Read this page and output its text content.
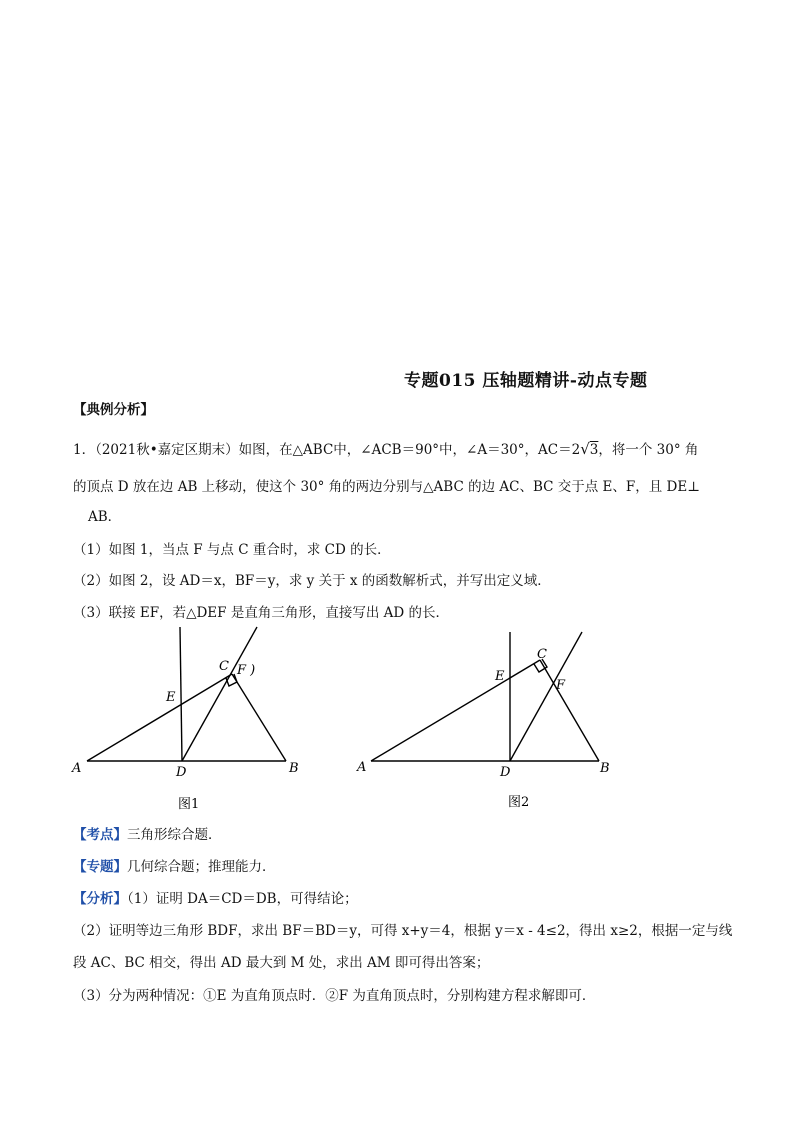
专题015 压轴题精讲-动点专题
【典例分析】
1．（2021秋•嘉定区期末）如图，在△ABC中，∠ACB＝90°中，∠A＝30°，AC＝2√3，将一个 30° 角
的顶点 D 放在边 AB 上移动，使这个 30° 角的两边分别与△ABC 的边 AC、BC 交于点 E、F，且 DE⊥
AB．
（1）如图 1，当点 F 与点 C 重合时，求 CD 的长．
（2）如图 2，设 AD＝x，BF＝y，求 y 关于 x 的函数解析式，并写出定义域．
（3）联接 EF，若△DEF 是直角三角形，直接写出 AD 的长．
A	B
C
D
E
F )
图1
A	B
C
D
E
F
图2
【考点】三角形综合题．
【专题】几何综合题；推理能力．
【分析】（1）证明 DA＝CD＝DB，可得结论；
（2）证明等边三角形 BDF，求出 BF＝BD＝y，可得 x+y＝4，根据 y＝x - 4≤2，得出 x≥2，根据一定与线
段 AC、BC 相交，得出 AD 最大到 M 处，求出 AM 即可得出答案；
（3）分为两种情况：①E 为直角顶点时．②F 为直角顶点时，分别构建方程求解即可．
